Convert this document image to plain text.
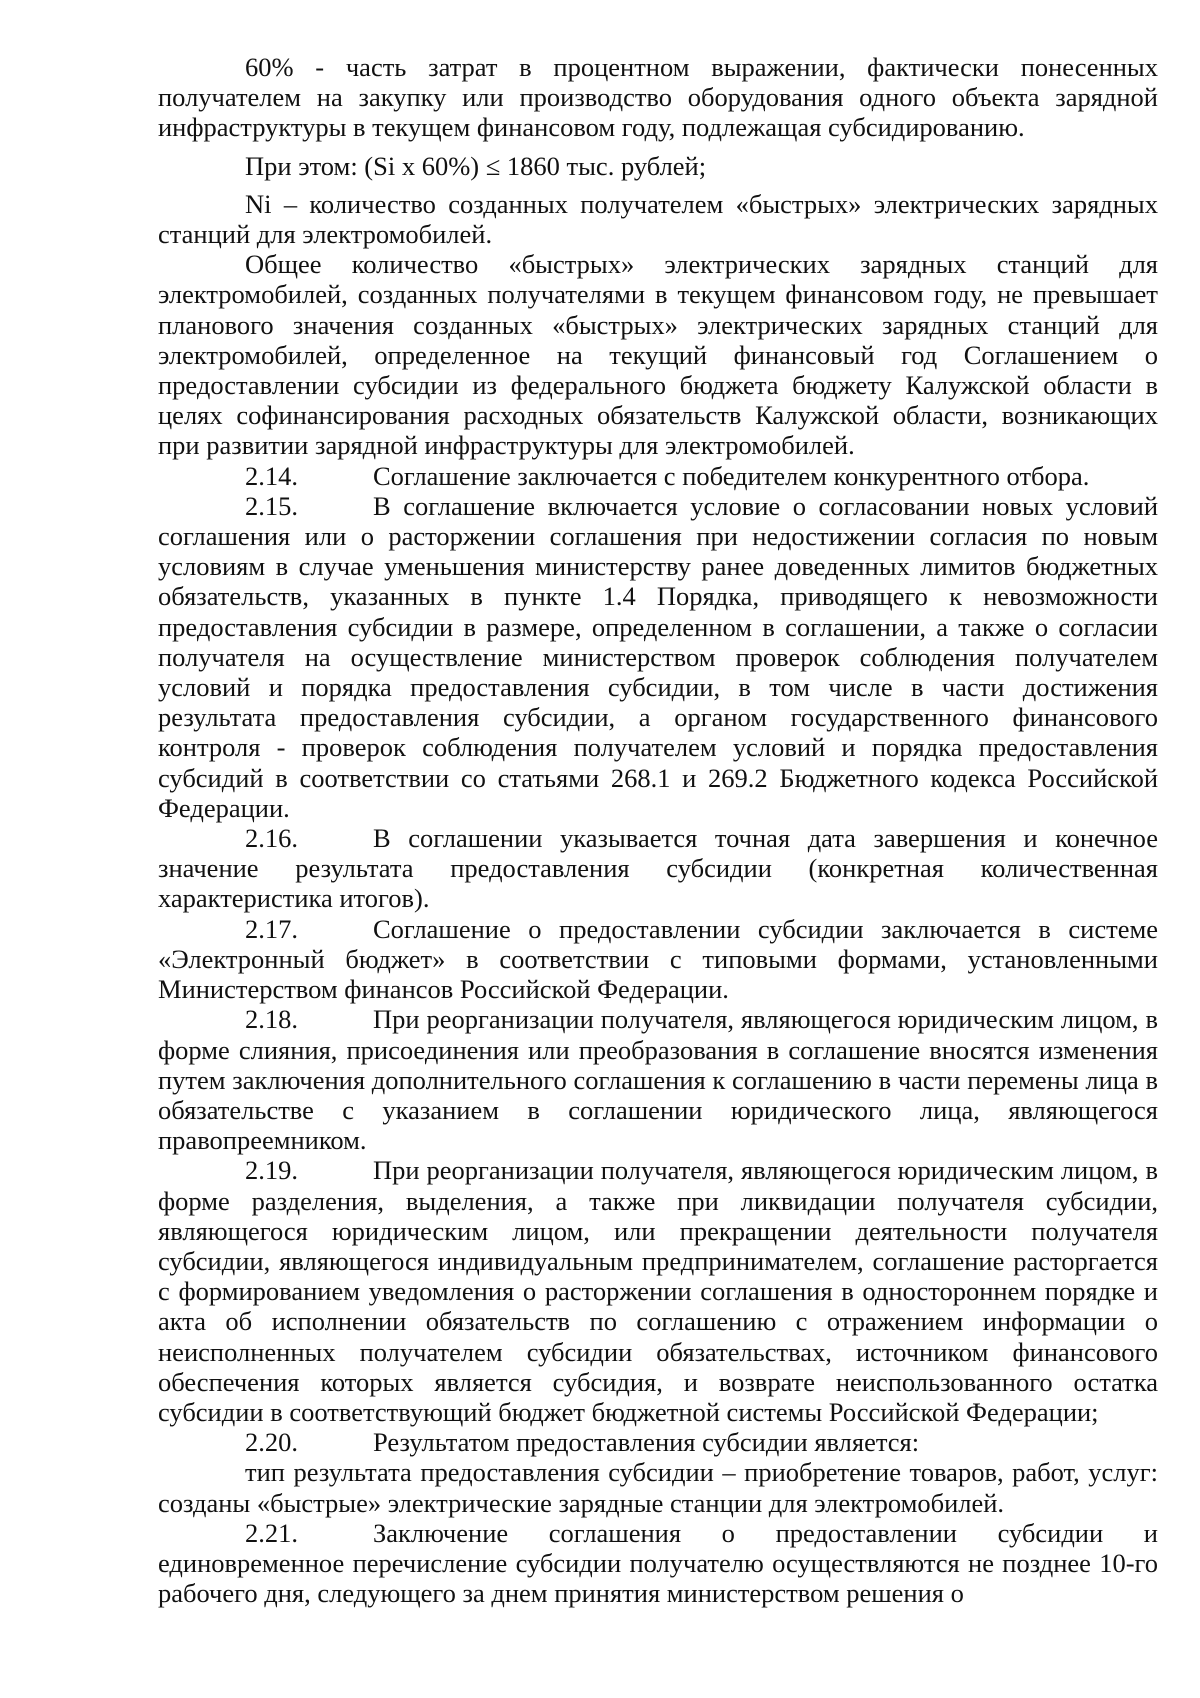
60% - часть затрат в процентном выражении, фактически понесенных получателем на закупку или производство оборудования одного объекта зарядной инфраструктуры в текущем финансовом году, подлежащая субсидированию.

При этом: (Si x 60%) ≤ 1860 тыс. рублей;

Ni – количество созданных получателем «быстрых» электрических зарядных станций для электромобилей.

Общее количество «быстрых» электрических зарядных станций для электромобилей, созданных получателями в текущем финансовом году, не превышает планового значения созданных «быстрых» электрических зарядных станций для электромобилей, определенное на текущий финансовый год Соглашением о предоставлении субсидии из федерального бюджета бюджету Калужской области в целях софинансирования расходных обязательств Калужской области, возникающих при развитии зарядной инфраструктуры для электромобилей.

2.14.	Соглашение заключается с победителем конкурентного отбора.

2.15.	В соглашение включается условие о согласовании новых условий соглашения или о расторжении соглашения при недостижении согласия по новым условиям в случае уменьшения министерству ранее доведенных лимитов бюджетных обязательств, указанных в пункте 1.4 Порядка, приводящего к невозможности предоставления субсидии в размере, определенном в соглашении, а также о согласии получателя на осуществление министерством проверок соблюдения получателем условий и порядка предоставления субсидии, в том числе в части достижения результата предоставления субсидии, а органом государственного финансового контроля - проверок соблюдения получателем условий и порядка предоставления субсидий в соответствии со статьями 268.1 и 269.2 Бюджетного кодекса Российской Федерации.

2.16.	В соглашении указывается точная дата завершения и конечное значение результата предоставления субсидии (конкретная количественная характеристика итогов).

2.17.	Соглашение о предоставлении субсидии заключается в системе «Электронный бюджет» в соответствии с типовыми формами, установленными Министерством финансов Российской Федерации.

2.18.	При реорганизации получателя, являющегося юридическим лицом, в форме слияния, присоединения или преобразования в соглашение вносятся изменения путем заключения дополнительного соглашения к соглашению в части перемены лица в обязательстве с указанием в соглашении юридического лица, являющегося правопреемником.

2.19.	При реорганизации получателя, являющегося юридическим лицом, в форме разделения, выделения, а также при ликвидации получателя субсидии, являющегося юридическим лицом, или прекращении деятельности получателя субсидии, являющегося индивидуальным предпринимателем, соглашение расторгается с формированием уведомления о расторжении соглашения в одностороннем порядке и акта об исполнении обязательств по соглашению с отражением информации о неисполненных получателем субсидии обязательствах, источником финансового обеспечения которых является субсидия, и возврате неиспользованного остатка субсидии в соответствующий бюджет бюджетной системы Российской Федерации;

2.20.	Результатом предоставления субсидии является:

тип результата предоставления субсидии – приобретение товаров, работ, услуг: созданы «быстрые» электрические зарядные станции для электромобилей.

2.21.	Заключение соглашения о предоставлении субсидии и единовременное перечисление субсидии получателю осуществляются не позднее 10-го рабочего дня, следующего за днем принятия министерством решения о
